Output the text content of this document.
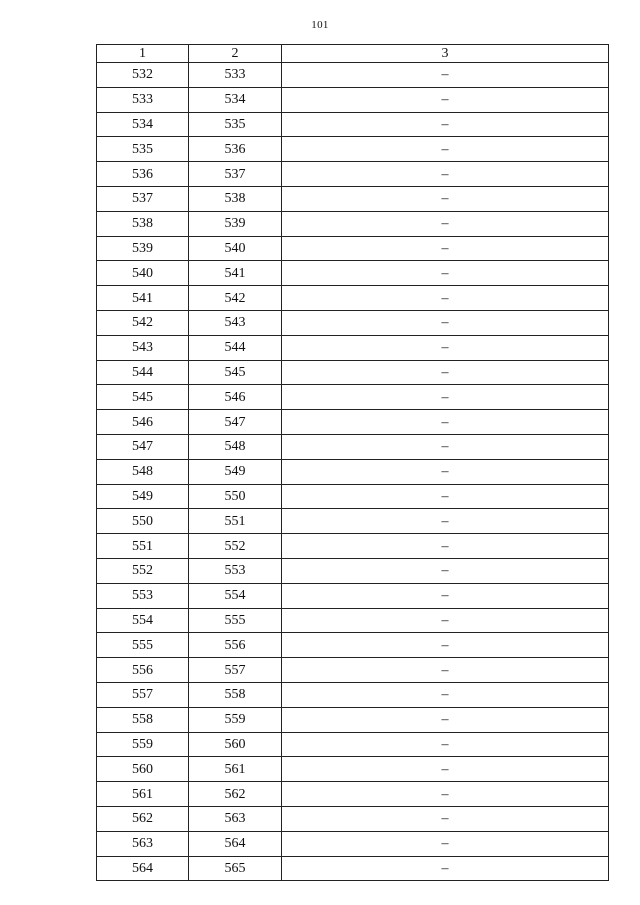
101
1	2	3
532	533	–
533	534	–
534	535	–
535	536	–
536	537	–
537	538	–
538	539	–
539	540	–
540	541	–
541	542	–
542	543	–
543	544	–
544	545	–
545	546	–
546	547	–
547	548	–
548	549	–
549	550	–
550	551	–
551	552	–
552	553	–
553	554	–
554	555	–
555	556	–
556	557	–
557	558	–
558	559	–
559	560	–
560	561	–
561	562	–
562	563	–
563	564	–
564	565	–
